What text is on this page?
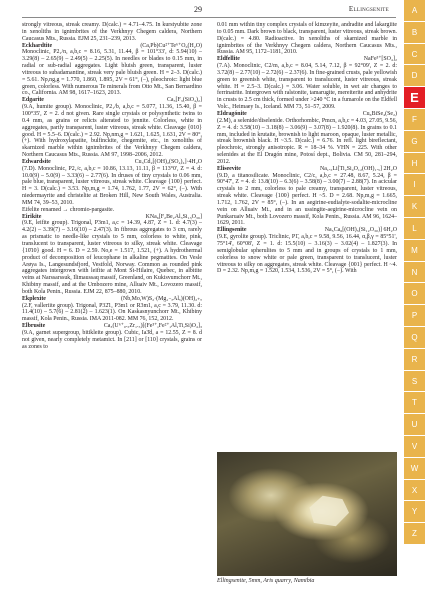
29	Ellingsenite

strongly vitreous, streak creamy. D(calc.) = 4.71–4.75. In kurstyubite zone in xenoliths in ignimbrites of the Verkhnyy Chegem caldera, Northern Caucasus Mts., Russia. EJM 25, 231–239, 2013.

Eckhardtite	(Ca,Pb)Cu²⁺Te⁶⁺O₆(H₂O)
Monoclinic, P2₁/n, a,b,c = 8.16, 5.31, 11.44, β = 101°33', d: 5.94(10) – 3.29(8) – 2.65(9) – 2.49(5) – 2.25(5). In needles or blades to 0.15 mm, in radial or sub-radial aggregates. Light bluish green, transparent, luster vitreous to subadamantine, streak very pale bluish green. H = 2–3. D(calc.) = 5.61. Np,ng,g = 1.770, 1.860, 1.895, 2V = 61°, (−), pleochroic: light blue green, colorless. With numerous Te minerals from Otto Mt., San Bernardino co., California. AM 98, 1617–1623, 2013.

Edgarite	Ca₃[F₃(SiO₄)₂]
(9.A, humite group). Monoclinic, P2₁/b, a,b,c = 5.077, 11.36, 15.40, β = 100°35', Z = 2. d not given. Rare single crystals or polysynthetic twins to 0.4 mm, as grains or relicts alterated to jennite. Colorless, white in aggregates, partly transparent, luster vitreous, streak white. Cleavage {010} good. H = 5.5–6. D(calc.) = 2.92. Np,nm,g = 1.621, 1.625, 1.631, 2V = 80°, (+). With hydroxylapatite, bulfinckite, chegemite, etc., in xenoliths of skarnized marble within ignimbrites of the Verkhnyy Chegem caldera, Northern Caucasus Mts., Russia. AM 97, 1998–2006, 2012.

Edwardsite	Cu₃Cd₂[(OH)₂(SO₄)₄]·4H₂O
(7.D). Monoclinic, P2₁/c, a,b,c = 10.86, 13.13, 11.11, β = 113°0', Z = 4. d: 10.0(9) – 5.0(9) – 3.33(6) – 2.77(6). In druses of tiny crystals to 0.06 mm, pale blue, transparent, luster vitreous, streak white. Cleavage {100} perfect. H = 3. D(calc.) = 3.53. Np,m,g = 1.74, 1.762, 1.77, 2V = 62°, (−). With niedermayrite and christelite at Broken Hill, New South Wales, Australia. MM 74, 39–53, 2010.

Eifelite renamed → chromio-pargasite.

Eirikite	KNa₆[F₂Be₂Al₃Si₁₃O₃₆]
(9.E, leifite group). Trigonal, P3m1, a,c = 14.39, 4.87, Z = 1. d: 4.7(3) – 4.2(2) – 3.39(7) – 3.16(10) – 2.47(3). In fibrous aggregates to 3 cm, rarely as prismatic to needle-like crystals to 5 mm, colorless to white, pink, translucent to transparent, luster vitreous to silky, streak white. Cleavage {10̄10} good. H = 6. D = 2.59. No,e = 1.517, 1.521, (+). A hydrothermal product of decomposition of leucophane in alkaline pegmatites. On Vesle Arøya Is., Langesundsfjord, Vestfold, Norway. Common as rounded pink aggregates intergrown with leifite at Mont St-Hilaire, Quebec, in albitite veins at Narssarssuk, Ilimaussaq massif, Greenland, on Kukisvumchorr Mt., Khibiny massif, and at the Umbozero mine, Alluaiv Mt., Lovozero massif, both Kola Penin., Russia. EJM 22, 875–880, 2010.

Ekplexite	(Nb,Mo,W)S₂·(Mg₁₋ₓAlₓ)(OH)₂₊ₓ
(2.F, valleriite group). Trigonal, P32̄1, P3m1 or R3m1, a,c = 3.79, 11.30. d: 11.4(10) – 5.7(6) – 2.81(2) – 1.623(1). On Kaskasnyunchorr Mt., Khibiny massif, Kola Penin., Russia. IMA 2011-082. MM 76, 152, 2012.

Elbrusite	Ca₃(U⁶⁺₀.₅Zr₁.₅)[(Fe³⁺,Fe²⁺,Al,Ti,Si)O₄]₃
(9.A, garnet supergroup, bitikleite group). Cubic, Ia3̄d, a = 12.55, Z = 8. d not given, nearly completely metamict. In [211] or [110] crystals, grains or as zones to

0.01 mm within tiny complex crystals of kimzeyite, andradite and lakargiite to 0.05 mm. Dark brown to black, transparent, luster vitreous, streak brown. D(calc.) = 4.80. Radioactive. In xenoliths of skarnized marble in ignimbrites of the Verkhnyy Chegem caldera, Northern Caucasus Mts., Russia. AM 95, 1172–1181, 2010.

Eldfellite	NaFe³⁺[SO₄]₂
(7.A). Monoclinic, C2/m, a,b,c = 8.04, 5.14, 7.12, β = 92°09', Z = 2. d: 3.72(8) – 2.77(10) – 2.72(6) – 2.37(6). In fine-grained crusts, pale yellowish green to greenish white, transparent to translucent, luster vitreous, streak white. H = 2.5–3. D(calc.) = 3.06. Water soluble, in wet air changes to ferrinatrite. Intergrown with ralstonite, tamarugite, mereiterite and anhydrite in crusts to 2.5 cm thick, formed under >240 °C in a fumarole on the Eldfell Volc., Heimaey Is., Iceland. MM 73, 51–57, 2009.

Eldragónite	Cu₆BiSe₄(Se₂)
(2.M), a selenide/diselenide. Orthorhombic, Pmcn, a,b,c = 4.03, 27.05, 9.56, Z = 4. d: 3.58(10) – 3.18(8) – 3.06(9) – 3.07(8) – 1.920(8). In grains to 0.1 mm, included in krutaite, brownish to light maroon, opaque, luster metallic, streak brownish black. H ~3.5. D(calc.) = 6.76. In refl. light bireflectant, pleochroic, strongly anisotropic. R = 18–34 %. VHN = 225. With other selenides at the El Dragón mine, Potosí dept., Bolivia. CM 50, 281–294, 2012.

Eliseevite	Na₁.₅Li[Ti₂Si₄O₁₂(OH)₁.₅] 2H₂O
(9.D, a titanosilicate. Monoclinic, C2/c, a,b,c = 27.48, 8.67, 5.24, β = 90°47', Z = 4. d: 13.8(10) – 6.3(6) – 3.58(8) – 3.00(7) – 2.88(7). In acicular crystals to 2 mm, colorless to pale creamy, transparent, luster vitreous, streak white. Cleavage {100} perfect. H ~5. D = 2.68. Np,m,g = 1.665, 1.712, 1.762, 2V = 85°, (−). In an aegirine-eudialyte-sodalite-microcline vein on Alluaiv Mt., and in an ussingite-aegirine-microcline vein on Punkaruaiv Mt., both Lovozero massif, Kola Penin., Russia. AM 96, 1624–1629, 2011.

Ellingsenite	Na₅Ca₆[(OH)₅(Si₁₂O₃₀)] 6H₂O
(9.E, gyrolite group). Triclinic, P1̄, a,b,c = 9.58, 9.56, 16.44, α,β,γ = 85°51', 75°14', 60°08', Z = 1. d: 15.5(10) – 3.16(3) – 3.02(4) – 1.827(3). In semiglobular spherulites to 5 mm and in groups of crystals to 1 mm, colorless to snow white or pale green, transparent to translucent, luster vitreous to silky on aggregates, streak white. Cleavage {001} perfect. H ~4. D = 2.32. Np,m,g = 1.520, 1.534, 1.536, 2V = 5°, (−). With

Ellingsenite, 5mm, Aris quarry, Namibia
A
B
C
D
E
F
G
H
I
K
L
M
N
O
P
Q
R
S
T
U
V
W
X
Y
Z
